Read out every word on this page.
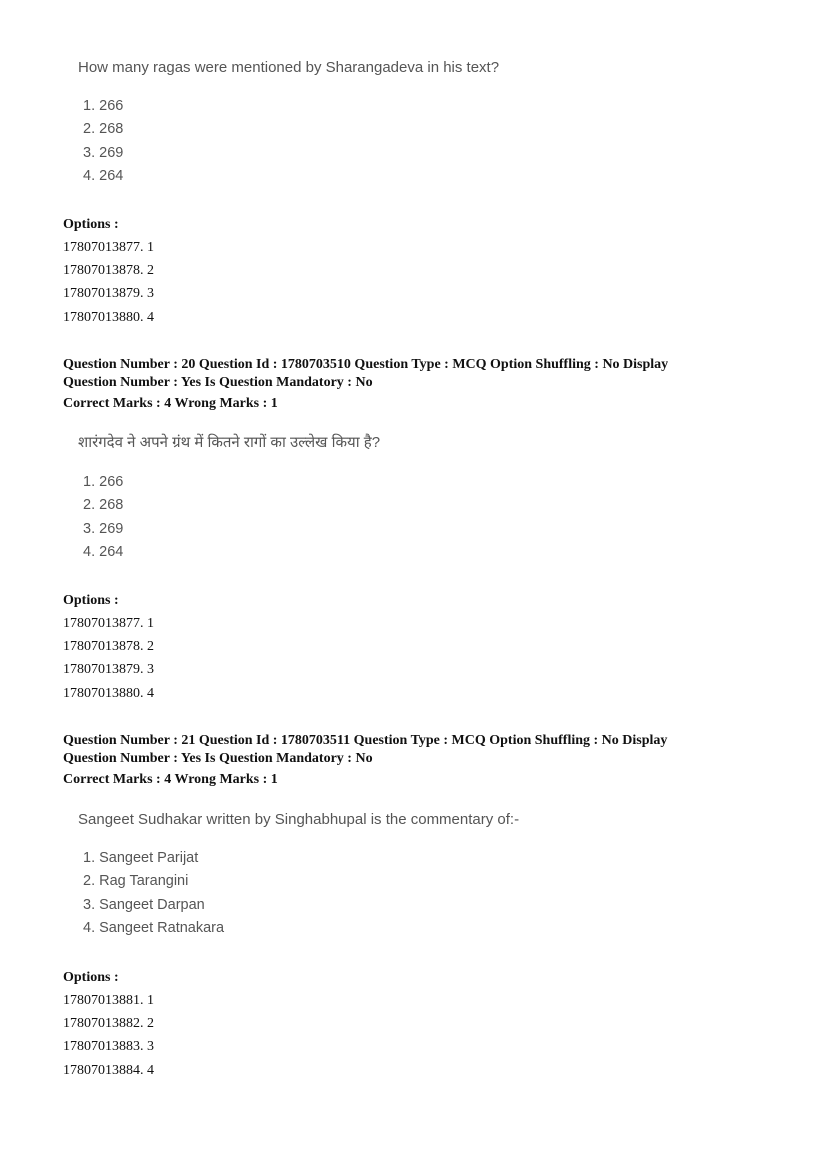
How many ragas were mentioned by Sharangadeva in his text?
1. 266
2. 268
3. 269
4. 264
Options :
17807013877. 1
17807013878. 2
17807013879. 3
17807013880. 4
Question Number : 20 Question Id : 1780703510 Question Type : MCQ Option Shuffling : No Display
Question Number : Yes Is Question Mandatory : No
Correct Marks : 4 Wrong Marks : 1
शारंगदेव ने अपने ग्रंथ में कितने रागों का उल्लेख किया है?
1. 266
2. 268
3. 269
4. 264
Options :
17807013877. 1
17807013878. 2
17807013879. 3
17807013880. 4
Question Number : 21 Question Id : 1780703511 Question Type : MCQ Option Shuffling : No Display
Question Number : Yes Is Question Mandatory : No
Correct Marks : 4 Wrong Marks : 1
Sangeet Sudhakar written by Singhabhupal is the commentary of:-
1. Sangeet Parijat
2. Rag Tarangini
3. Sangeet Darpan
4. Sangeet Ratnakara
Options :
17807013881. 1
17807013882. 2
17807013883. 3
17807013884. 4
